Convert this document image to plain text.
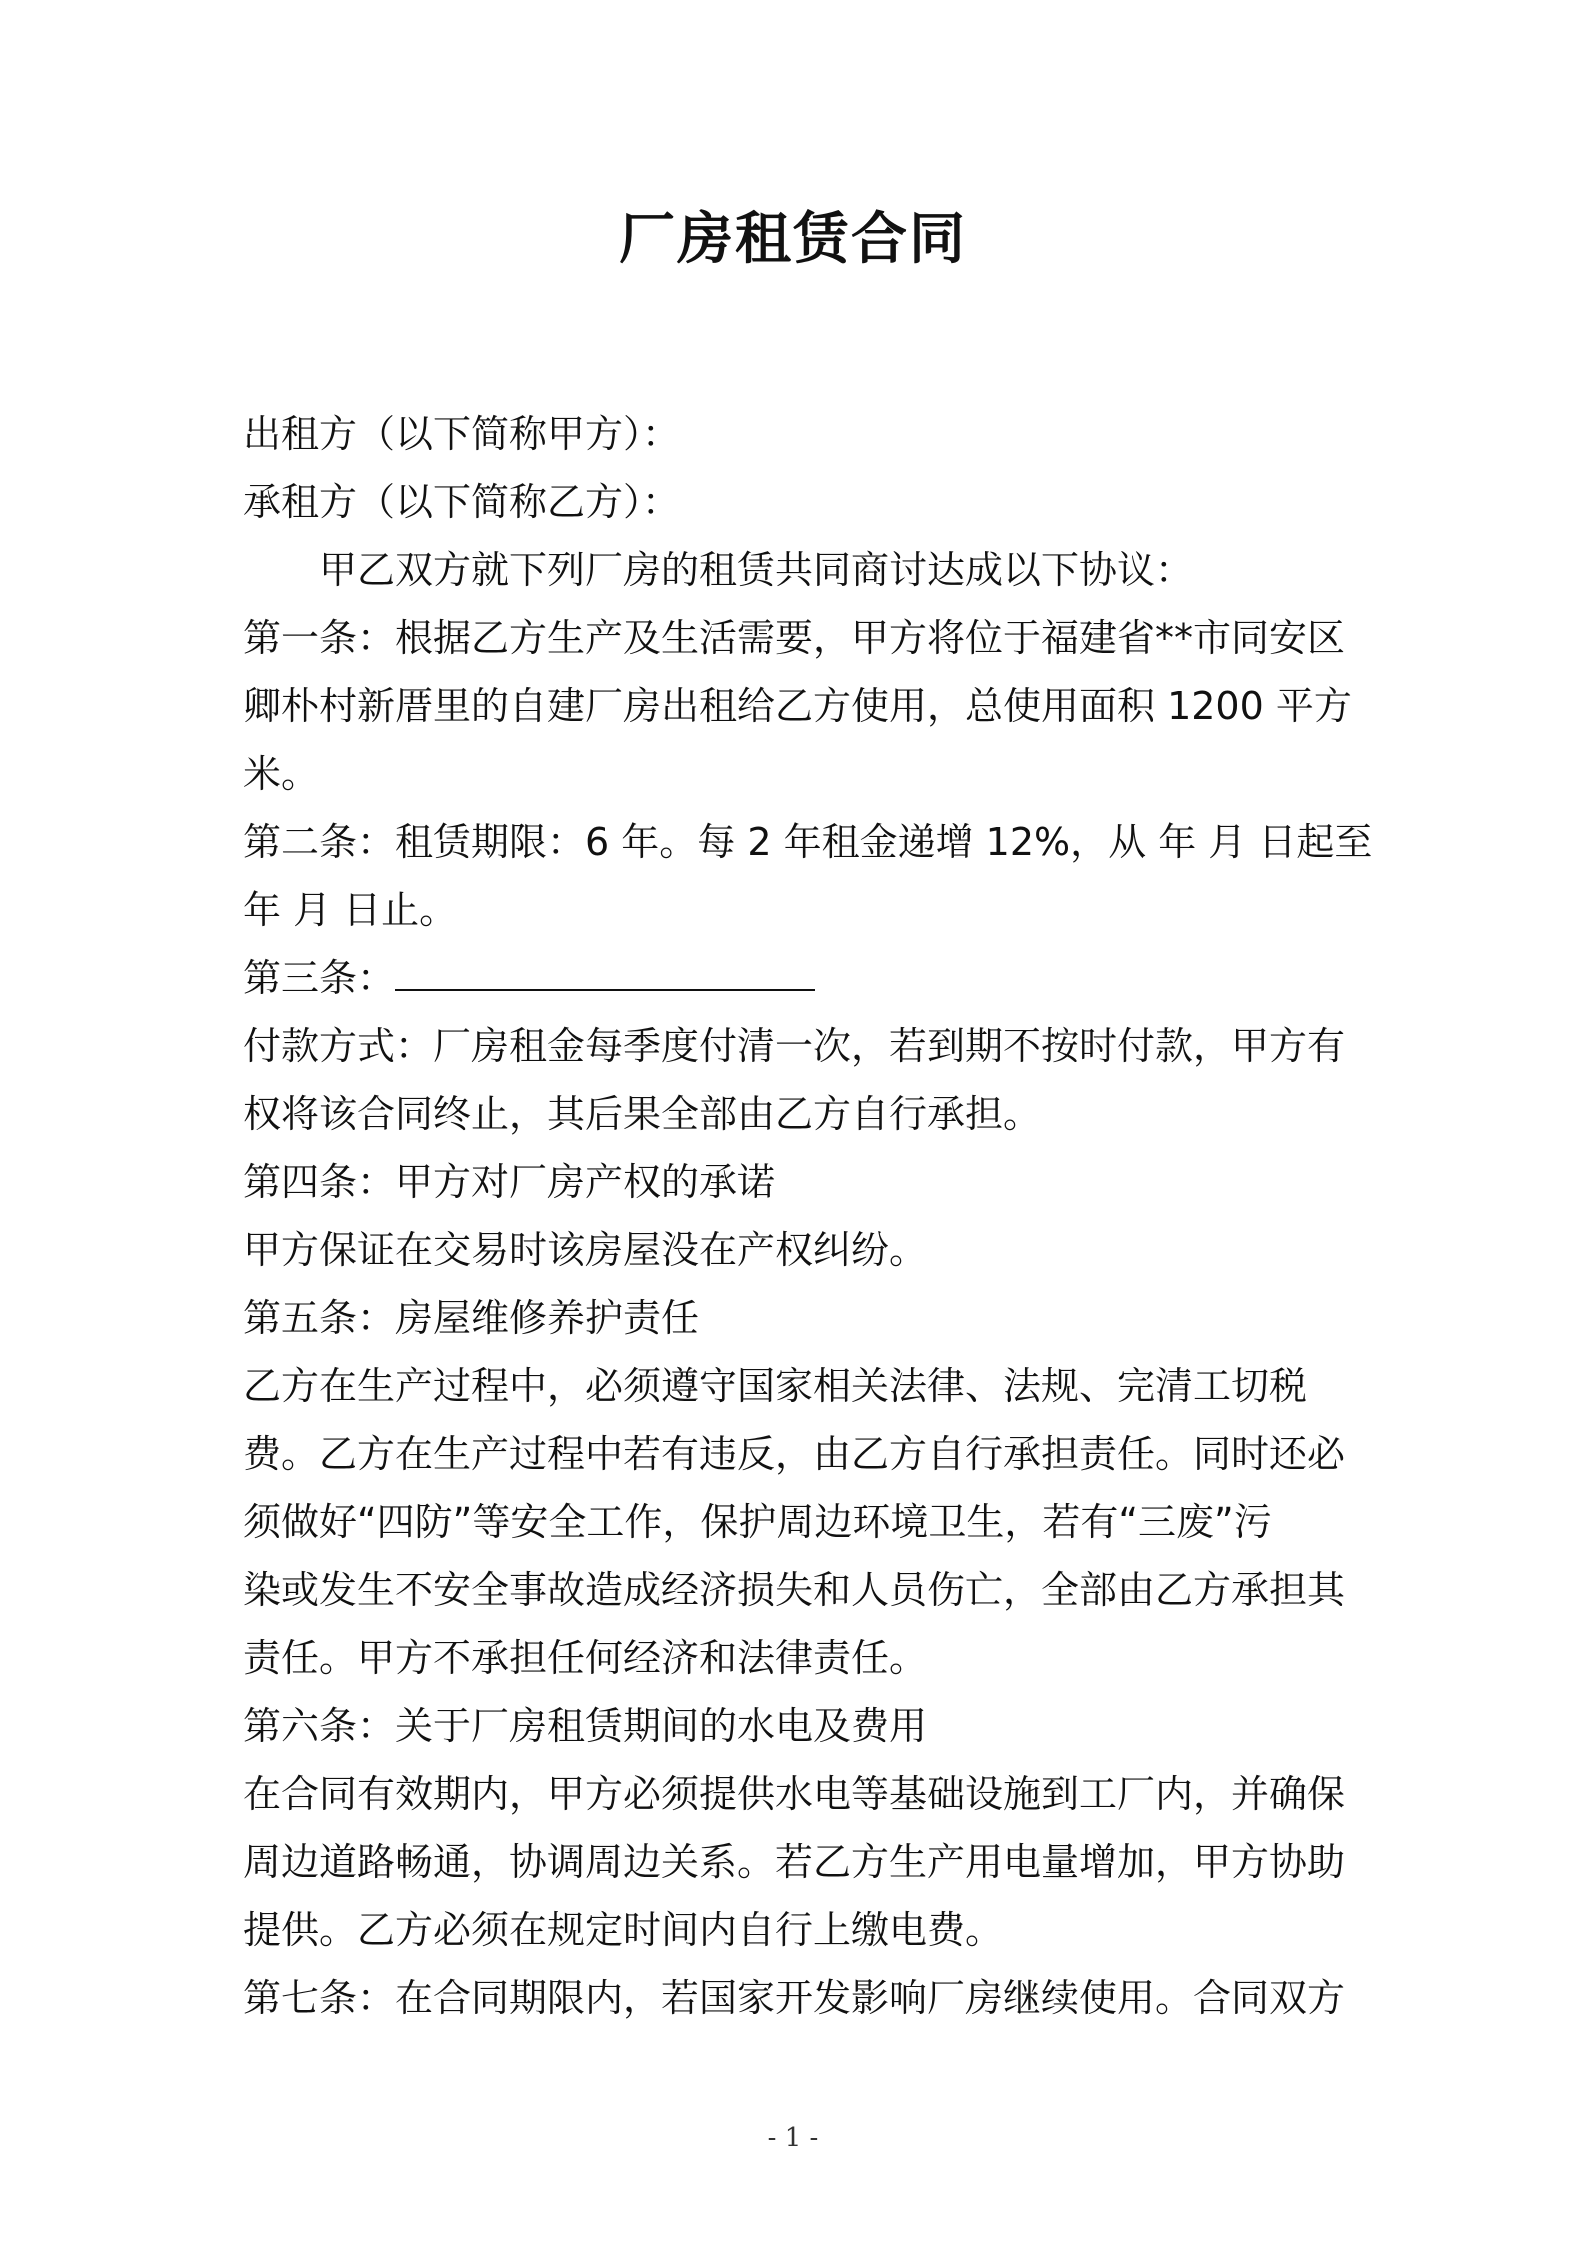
厂房租赁合同
出租方（以下简称甲方）：
承租方（以下简称乙方）：
甲乙双方就下列厂房的租赁共同商讨达成以下协议：
第一条：根据乙方生产及生活需要，甲方将位于福建省**市同安区
卿朴村新厝里的自建厂房出租给乙方使用，总使用面积 1200 平方
米。
第二条：租赁期限：6 年。每 2 年租金递增 12%，从 年 月 日起至
年 月 日止。
第三条：
付款方式：厂房租金每季度付清一次，若到期不按时付款，甲方有
权将该合同终止，其后果全部由乙方自行承担。
第四条：甲方对厂房产权的承诺
甲方保证在交易时该房屋没在产权纠纷。
第五条：房屋维修养护责任
乙方在生产过程中，必须遵守国家相关法律、法规、完清工切税
费。乙方在生产过程中若有违反，由乙方自行承担责任。同时还必
须做好“四防”等安全工作，保护周边环境卫生，若有“三废”污
染或发生不安全事故造成经济损失和人员伤亡，全部由乙方承担其
责任。甲方不承担任何经济和法律责任。
第六条：关于厂房租赁期间的水电及费用
在合同有效期内，甲方必须提供水电等基础设施到工厂内，并确保
周边道路畅通，协调周边关系。若乙方生产用电量增加，甲方协助
提供。乙方必须在规定时间内自行上缴电费。
第七条：在合同期限内，若国家开发影响厂房继续使用。合同双方
- 1 -
